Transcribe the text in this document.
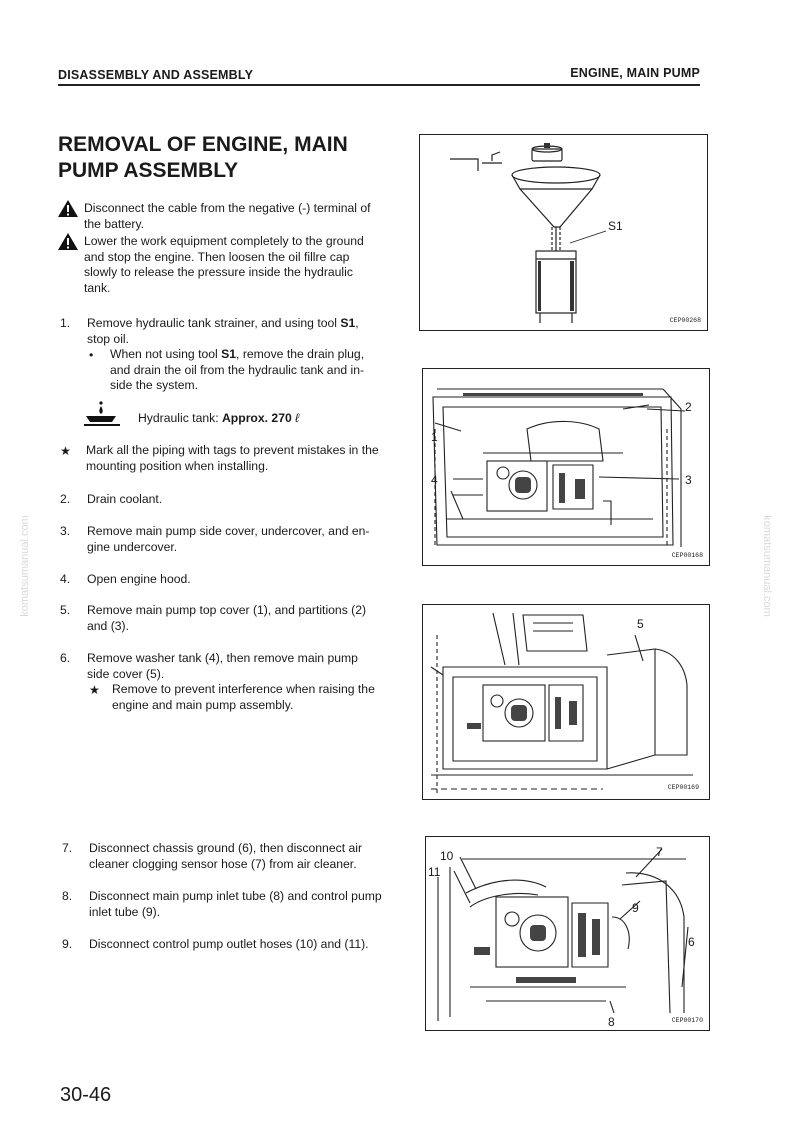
DISASSEMBLY AND ASSEMBLY	ENGINE, MAIN PUMP
REMOVAL OF ENGINE, MAIN
PUMP ASSEMBLY
Disconnect the cable from the negative (-) terminal of
the battery.
Lower the work equipment completely to the ground
and stop the engine. Then loosen the oil fillre cap
slowly to release the pressure inside the hydraulic
tank.
1.	Remove hydraulic tank strainer, and using tool S1,
stop oil.
• When not using tool S1, remove the drain plug,
and drain the oil from the hydraulic tank and in-
side the system.
Hydraulic tank: Approx. 270 ℓ
★ Mark all the piping with tags to prevent mistakes in the
mounting position when installing.
2.	Drain coolant.
3.	Remove main pump side cover, undercover, and en-
gine undercover.
4.	Open engine hood.
5.	Remove main pump top cover (1), and partitions (2)
and (3).
6.	Remove washer tank (4), then remove main pump
side cover (5).
★ Remove to prevent interference when raising the
engine and main pump assembly.
7.	Disconnect chassis ground (6), then disconnect air
cleaner clogging sensor hose (7) from air cleaner.
8.	Disconnect main pump inlet tube (8) and control pump
inlet tube (9).
9.	Disconnect control pump outlet hoses (10) and (11).
S1
CEP00268
1
2
3
4
CEP00168
5
CEP00169
10
11
7
9
6
8	CEP00170
komatsumanual.com	komatsumanual.com
30-46
